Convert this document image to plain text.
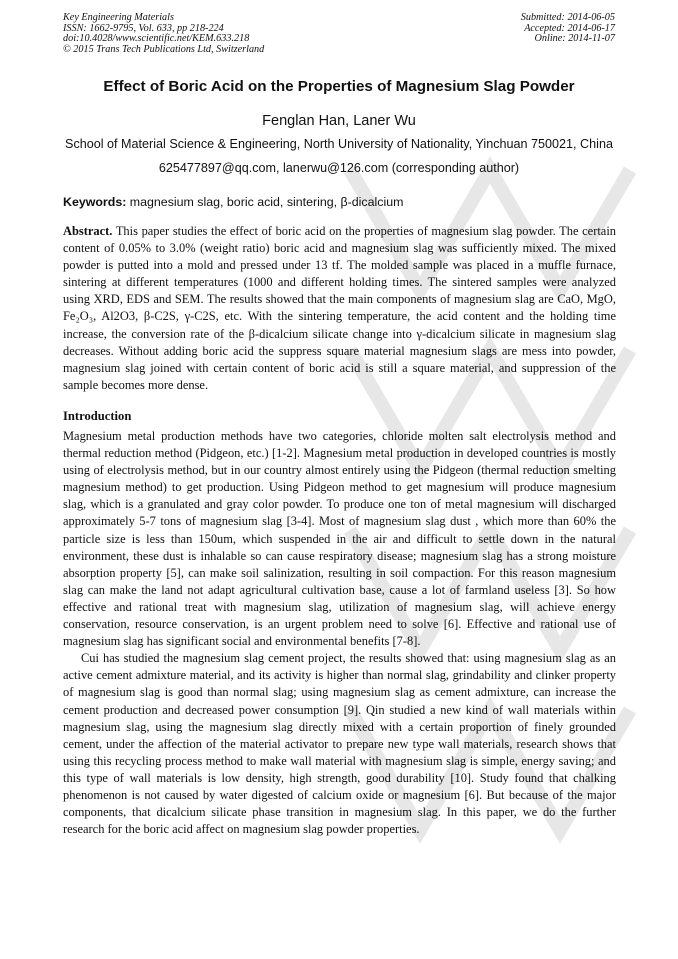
Key Engineering Materials
ISSN: 1662-9795, Vol. 633, pp 218-224
doi:10.4028/www.scientific.net/KEM.633.218
© 2015 Trans Tech Publications Ltd, Switzerland
Submitted: 2014-06-05
Accepted: 2014-06-17
Online: 2014-11-07
Effect of Boric Acid on the Properties of Magnesium Slag Powder
Fenglan Han, Laner Wu
School of Material Science & Engineering, North University of Nationality, Yinchuan 750021, China
625477897@qq.com, lanerwu@126.com (corresponding author)
Keywords: magnesium slag, boric acid, sintering, β-dicalcium
Abstract. This paper studies the effect of boric acid on the properties of magnesium slag powder. The certain content of 0.05% to 3.0% (weight ratio) boric acid and magnesium slag was sufficiently mixed. The mixed powder is putted into a mold and pressed under 13 tf. The molded sample was placed in a muffle furnace, sintering at different temperatures (1000 and different holding times. The sintered samples were analyzed using XRD, EDS and SEM. The results showed that the main components of magnesium slag are CaO, MgO, Fe₂O₃, Al2O3, β-C2S, γ-C2S, etc. With the sintering temperature, the acid content and the holding time increase, the conversion rate of the β-dicalcium silicate change into γ-dicalcium silicate in magnesium slag decreases. Without adding boric acid the suppress square material magnesium slags are mess into powder, magnesium slag joined with certain content of boric acid is still a square material, and suppression of the sample becomes more dense.
Introduction

Magnesium metal production methods have two categories, chloride molten salt electrolysis method and thermal reduction method (Pidgeon, etc.) [1-2]. Magnesium metal production in developed countries is mostly using of electrolysis method, but in our country almost entirely using the Pidgeon (thermal reduction smelting magnesium method) to get production. Using Pidgeon method to get magnesium will produce magnesium slag, which is a granulated and gray color powder. To produce one ton of metal magnesium will discharged approximately 5-7 tons of magnesium slag [3-4]. Most of magnesium slag dust , which more than 60% the particle size is less than 150um, which suspended in the air and difficult to settle down in the natural environment, these dust is inhalable so can cause respiratory disease; magnesium slag has a strong moisture absorption property [5], can make soil salinization, resulting in soil compaction. For this reason magnesium slag can make the land not adapt agricultural cultivation base, cause a lot of farmland useless [3]. So how effective and rational treat with magnesium slag, utilization of magnesium slag, will achieve energy conservation, resource conservation, is an urgent problem need to solve [6]. Effective and rational use of magnesium slag has significant social and environmental benefits [7-8].

Cui has studied the magnesium slag cement project, the results showed that: using magnesium slag as an active cement admixture material, and its activity is higher than normal slag, grindability and clinker property of magnesium slag is good than normal slag; using magnesium slag as cement admixture, can increase the cement production and decreased power consumption [9]. Qin studied a new kind of wall materials within magnesium slag, using the magnesium slag directly mixed with a certain proportion of finely grounded cement, under the affection of the material activator to prepare new type wall materials, research shows that using this recycling process method to make wall material with magnesium slag is simple, energy saving; and this type of wall materials is low density, high strength, good durability [10]. Study found that chalking phenomenon is not caused by water digested of calcium oxide or magnesium [6]. But because of the major components, that dicalcium silicate phase transition in magnesium slag. In this paper, we do the further research for the boric acid affect on magnesium slag powder properties.
